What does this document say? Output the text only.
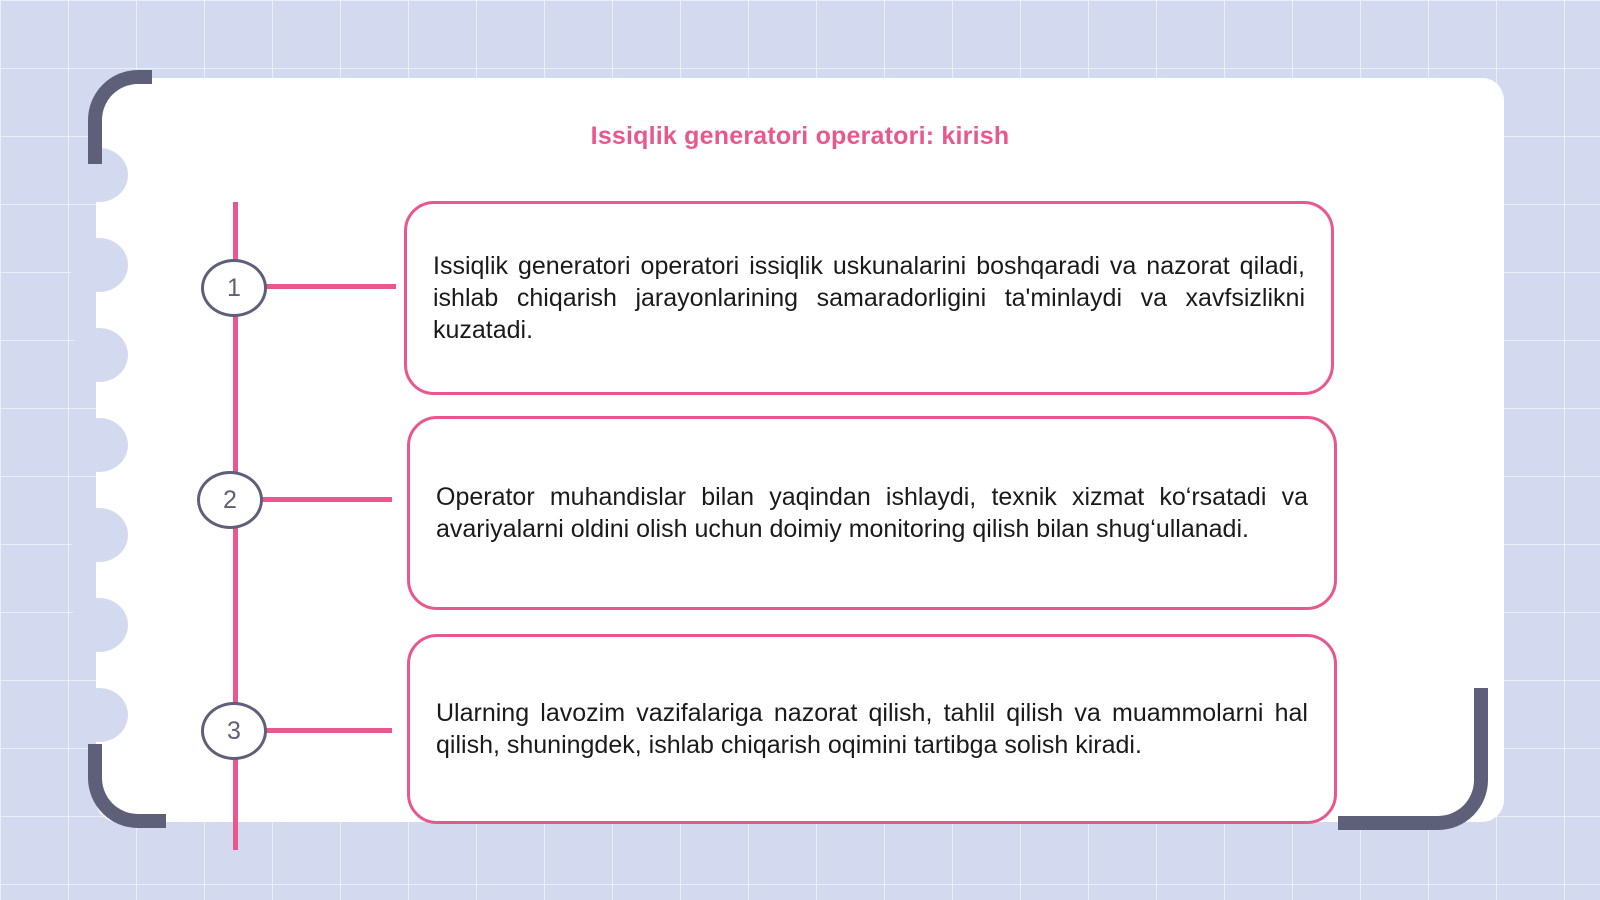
Issiqlik generatori operatori: kirish
1
Issiqlik generatori operatori issiqlik uskunalarini boshqaradi va nazorat qiladi, ishlab chiqarish jarayonlarining samaradorligini ta'minlaydi va xavfsizlikni kuzatadi.
2	Operator muhandislar bilan yaqindan ishlaydi, texnik xizmat ko‘rsatadi va avariyalarni oldini olish uchun doimiy monitoring qilish bilan shug‘ullanadi.
3
Ularning lavozim vazifalariga nazorat qilish, tahlil qilish va muammolarni hal qilish, shuningdek, ishlab chiqarish oqimini tartibga solish kiradi.
